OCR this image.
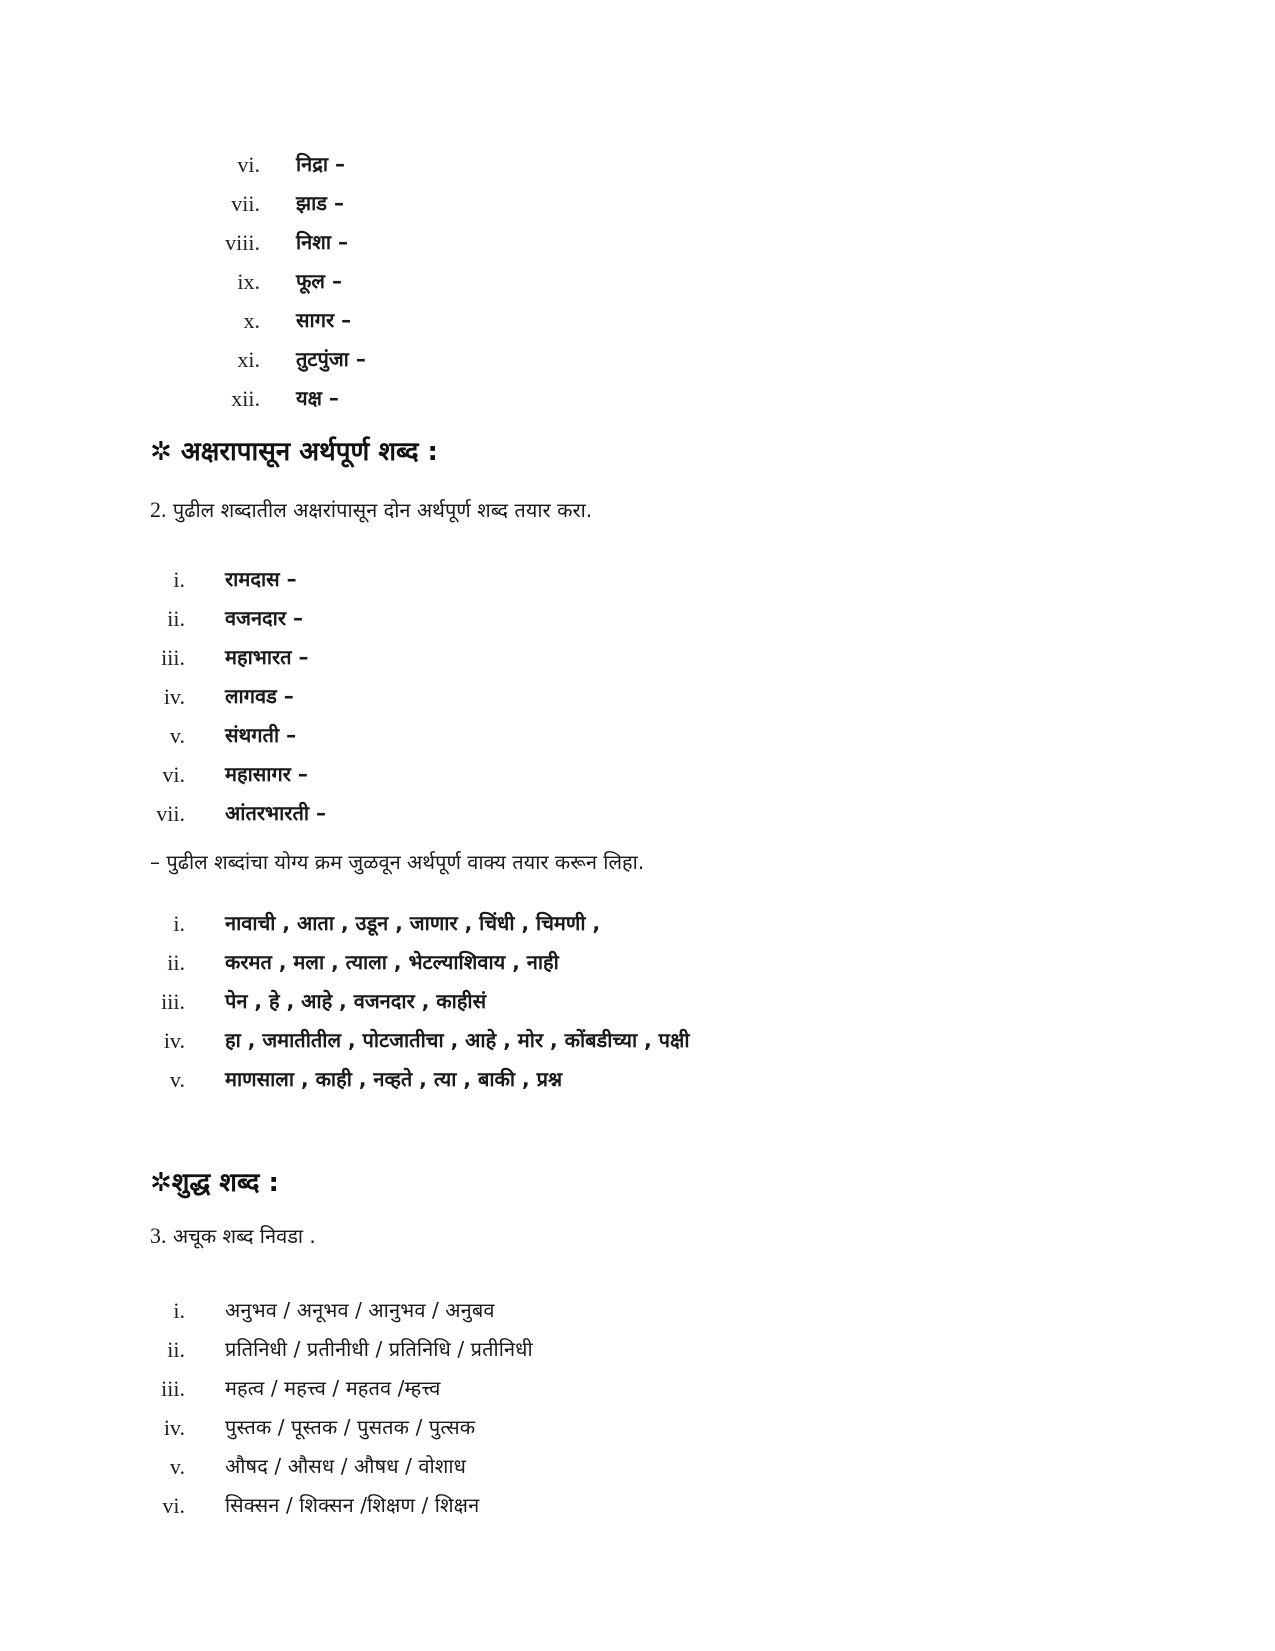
vi. निद्रा –
vii. झाड –
viii. निशा –
ix. फूल –
x. सागर –
xi. तुटपुंजा –
xii. यक्ष –
✲ अक्षरापासून अर्थपूर्ण शब्द :
2. पुढील शब्दातील अक्षरांपासून दोन अर्थपूर्ण शब्द तयार करा.
i. रामदास –
ii. वजनदार –
iii. महाभारत –
iv. लागवड –
v. संथगती –
vi. महासागर –
vii. आंतरभारती –
– पुढील शब्दांचा योग्य क्रम जुळवून अर्थपूर्ण वाक्य तयार करून लिहा.
i. नावाची , आता , उडून , जाणार , चिंधी , चिमणी ,
ii. करमत , मला , त्याला , भेटल्याशिवाय , नाही
iii. पेन , हे , आहे , वजनदार , काहीसं
iv. हा , जमातीतील , पोटजातीचा , आहे , मोर , कोंबडीच्या , पक्षी
v. माणसाला , काही , नव्हते , त्या , बाकी , प्रश्न
✲शुद्ध शब्द :
3. अचूक शब्द निवडा .
i. अनुभव / अनूभव / आनुभव / अनुबव
ii. प्रतिनिधी / प्रतीनीधी / प्रतिनिधि / प्रतीनिधी
iii. महत्व / महत्त्व / महतव /म्हत्त्व
iv. पुस्तक / पूस्तक / पुसतक / पुत्सक
v. औषद / औसध / औषध / वोशाध
vi. सिक्सन / शिक्सन /शिक्षण / शिक्षन
